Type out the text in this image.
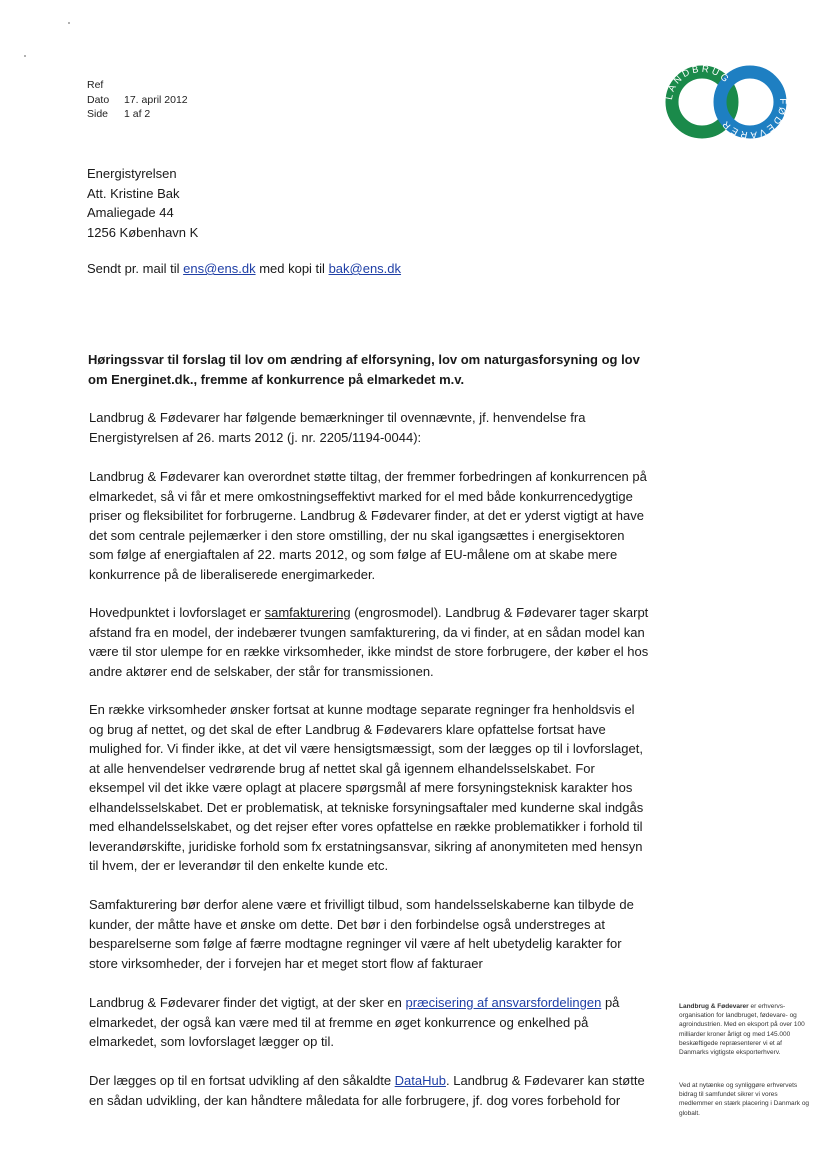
Ref
Dato	17. april 2012
Side	1 af 2
LANDBRUG
FØDEVARER
Energistyrelsen
Att. Kristine Bak
Amaliegade 44
1256 København K
Sendt pr. mail til ens@ens.dk med kopi til bak@ens.dk
Høringssvar til forslag til lov om ændring af elforsyning, lov om naturgasforsyning og lov om Energinet.dk., fremme af konkurrence på elmarkedet m.v.

Landbrug & Fødevarer har følgende bemærkninger til ovennævnte, jf. henvendelse fra Energistyrelsen af 26. marts 2012 (j. nr. 2205/1194-0044):

Landbrug & Fødevarer kan overordnet støtte tiltag, der fremmer forbedringen af konkurrencen på elmarkedet, så vi får et mere omkostningseffektivt marked for el med både konkurrencedygtige priser og fleksibilitet for forbrugerne. Landbrug & Fødevarer finder, at det er yderst vigtigt at have det som centrale pejlemærker i den store omstilling, der nu skal igangsættes i energisektoren som følge af energiaftalen af 22. marts 2012, og som følge af EU-målene om at skabe mere konkurrence på de liberaliserede energimarkeder.

Hovedpunktet i lovforslaget er samfakturering (engrosmodel). Landbrug & Fødevarer tager skarpt afstand fra en model, der indebærer tvungen samfakturering, da vi finder, at en sådan model kan være til stor ulempe for en række virksomheder, ikke mindst de store forbrugere, der køber el hos andre aktører end de selskaber, der står for transmissionen.

En række virksomheder ønsker fortsat at kunne modtage separate regninger fra henholdsvis el og brug af nettet, og det skal de efter Landbrug & Fødevarers klare opfattelse fortsat have mulighed for. Vi finder ikke, at det vil være hensigtsmæssigt, som der lægges op til i lovforslaget, at alle henvendelser vedrørende brug af nettet skal gå igennem elhandelsselskabet. For eksempel vil det ikke være oplagt at placere spørgsmål af mere forsyningsteknisk karakter hos elhandelsselskabet. Det er problematisk, at tekniske forsyningsaftaler med kunderne skal indgås med elhandelsselskabet, og det rejser efter vores opfattelse en række problematikker i forhold til leverandørskifte, juridiske forhold som fx erstatningsansvar, sikring af anonymiteten med hensyn til hvem, der er leverandør til den enkelte kunde etc.

Samfakturering bør derfor alene være et frivilligt tilbud, som handelsselskaberne kan tilbyde de kunder, der måtte have et ønske om dette. Det bør i den forbindelse også understreges at besparelserne som følge af færre modtagne regninger vil være af helt ubetydelig karakter for store virksomheder, der i forvejen har et meget stort flow af fakturaer

Landbrug & Fødevarer finder det vigtigt, at der sker en præcisering af ansvarsfordelingen på elmarkedet, der også kan være med til at fremme en øget konkurrence og enkelhed på elmarkedet, som lovforslaget lægger op til.

Der lægges op til en fortsat udvikling af den såkaldte DataHub. Landbrug & Fødevarer kan støtte en sådan udvikling, der kan håndtere måledata for alle forbrugere, jf. dog vores forbehold for

Landbrug & Fødevarer er erhvervs-organisation for landbruget, fødevare- og agroindustrien. Med en eksport på over 100 milliarder kroner årligt og med 145.000 beskæftigede repræsenterer vi et af Danmarks vigtigste eksporterhverv.

Ved at nytænke og synliggøre erhvervets bidrag til samfundet sikrer vi vores medlemmer en stærk placering i Danmark og globalt.
